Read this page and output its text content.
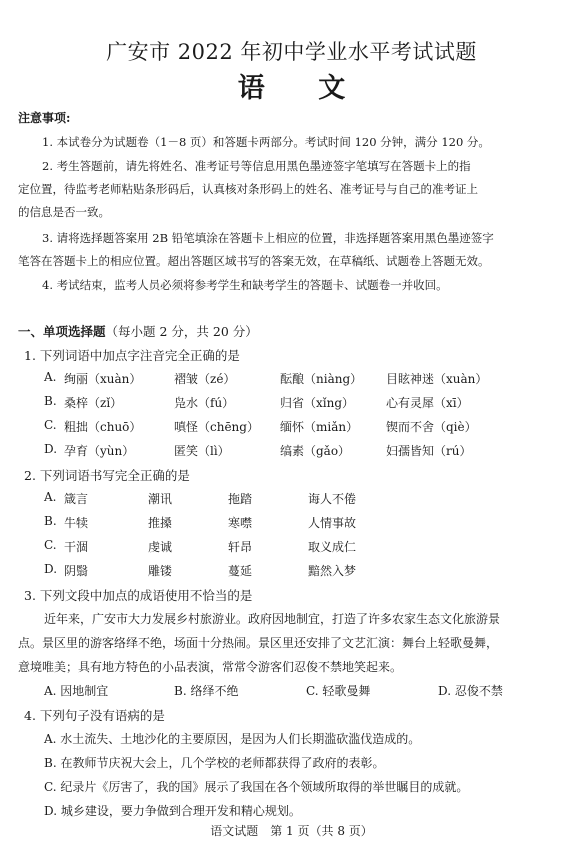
广安市 2022 年初中学业水平考试试题
语 文
注意事项:
1. 本试卷分为试题卷（1－8 页）和答题卡两部分。考试时间 120 分钟，满分 120 分。
2. 考生答题前，请先将姓名、准考证号等信息用黑色墨迹签字笔填写在答题卡上的指
定位置，待监考老师粘贴条形码后，认真核对条形码上的姓名、准考证号与自己的准考证上
的信息是否一致。
3. 请将选择题答案用 2B 铅笔填涂在答题卡上相应的位置，非选择题答案用黑色墨迹签字
笔答在答题卡上的相应位置。超出答题区域书写的答案无效，在草稿纸、试题卷上答题无效。
4. 考试结束，监考人员必须将参考学生和缺考学生的答题卡、试题卷一并收回。
一、单项选择题（每小题 2 分，共 20 分）
1. 下列词语中加点字注音完全正确的是
A. 绚丽（xuàn）	褶皱（zé）	酝酿（niàng） 目眩神迷（xuàn）
B. 桑梓（zǐ）	凫水（fú）	归省（xǐng）	心有灵犀（xī）
C. 粗拙（chuō）	嗔怪（chēng） 缅怀（miǎn） 锲而不舍（qiè）
D. 孕育（yùn）	匿笑（lì）	缟素（gǎo）	妇孺皆知（rú）
2. 下列词语书写完全正确的是
A. 箴言	潮讯	拖踏	诲人不倦
B. 牛犊	推搡	寒噤	人情事故
C. 干涸	虔诚	轩昂	取义成仁
D. 阴翳	雕镂	蔓延	黯然入梦
3. 下列文段中加点的成语使用不恰当的是
近年来，广安市大力发展乡村旅游业。政府因地制宜，打造了许多农家生态文化旅游景
点。景区里的游客络绎不绝，场面十分热闹。景区里还安排了文艺汇演：舞台上轻歌曼舞，
意境唯美；具有地方特色的小品表演，常常令游客们忍俊不禁地笑起来。
A. 因地制宜	B. 络绎不绝	C. 轻歌曼舞	D. 忍俊不禁
4. 下列句子没有语病的是
A. 水土流失、土地沙化的主要原因，是因为人们长期滥砍滥伐造成的。
B. 在教师节庆祝大会上，几个学校的老师都获得了政府的表彰。
C. 纪录片《厉害了，我的国》展示了我国在各个领域所取得的举世瞩目的成就。
D. 城乡建设，要力争做到合理开发和精心规划。
语文试题　第 1 页（共 8 页）
